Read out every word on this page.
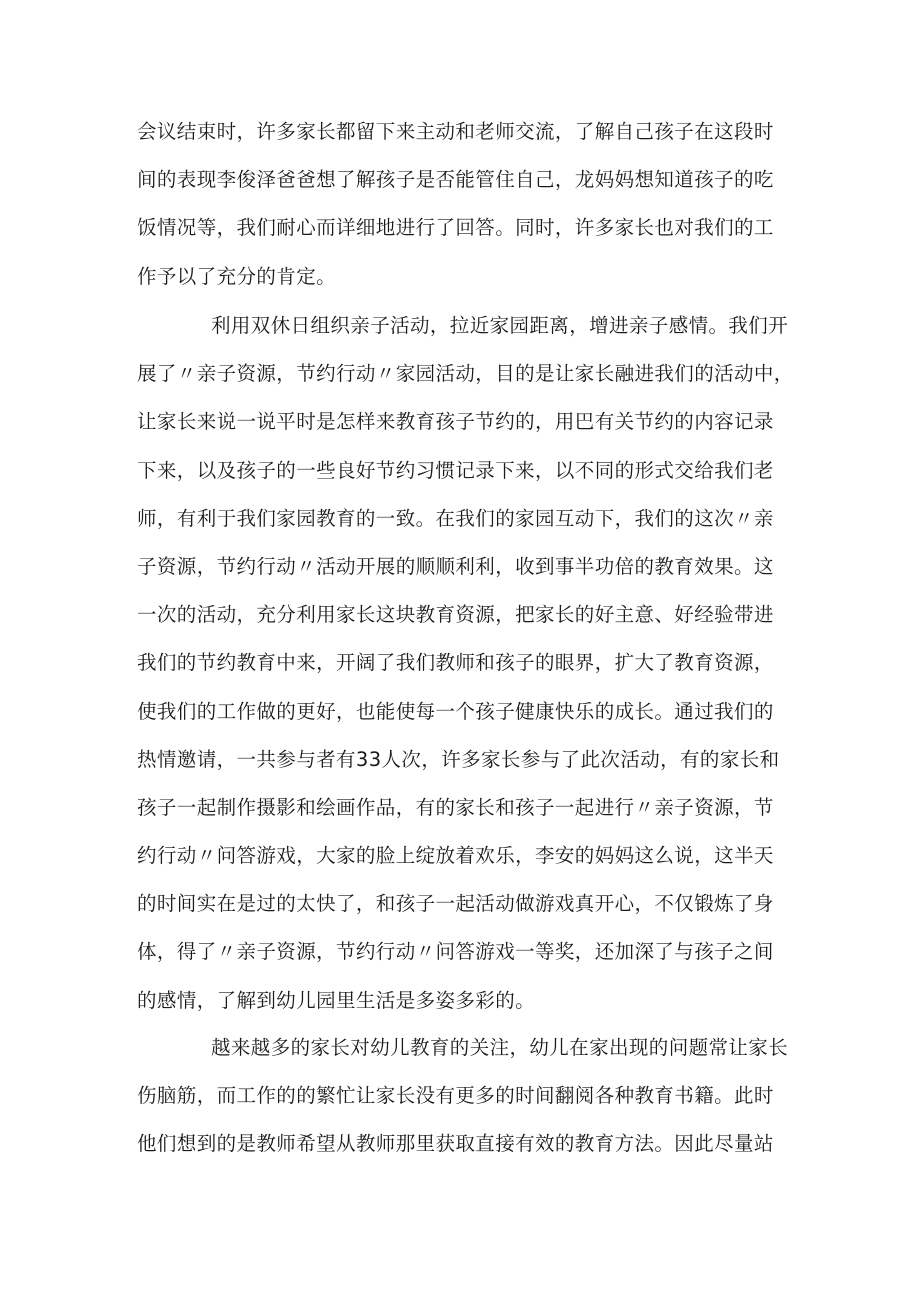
会议结束时，许多家长都留下来主动和老师交流，了解自己孩子在这段时
间的表现李俊泽爸爸想了解孩子是否能管住自己，龙妈妈想知道孩子的吃
饭情况等，我们耐心而详细地进行了回答。同时，许多家长也对我们的工
作予以了充分的肯定。
利用双休日组织亲子活动，拉近家园距离，增进亲子感情。我们开
展了〃亲子资源，节约行动〃家园活动，目的是让家长融进我们的活动中，
让家长来说一说平时是怎样来教育孩子节约的，用巴有关节约的内容记录
下来，以及孩子的一些良好节约习惯记录下来，以不同的形式交给我们老
师，有利于我们家园教育的一致。在我们的家园互动下，我们的这次〃亲
子资源，节约行动〃活动开展的顺顺利利，收到事半功倍的教育效果。这
一次的活动，充分利用家长这块教育资源，把家长的好主意、好经验带进
我们的节约教育中来，开阔了我们教师和孩子的眼界，扩大了教育资源，
使我们的工作做的更好，也能使每一个孩子健康快乐的成长。通过我们的
热情邀请，一共参与者有33人次，许多家长参与了此次活动，有的家长和
孩子一起制作摄影和绘画作品，有的家长和孩子一起进行〃亲子资源，节
约行动〃问答游戏，大家的脸上绽放着欢乐，李安的妈妈这么说，这半天
的时间实在是过的太快了，和孩子一起活动做游戏真开心，不仅锻炼了身
体，得了〃亲子资源，节约行动〃问答游戏一等奖，还加深了与孩子之间
的感情，了解到幼儿园里生活是多姿多彩的。
越来越多的家长对幼儿教育的关注，幼儿在家出现的问题常让家长
伤脑筋，而工作的的繁忙让家长没有更多的时间翻阅各种教育书籍。此时
他们想到的是教师希望从教师那里获取直接有效的教育方法。因此尽量站
